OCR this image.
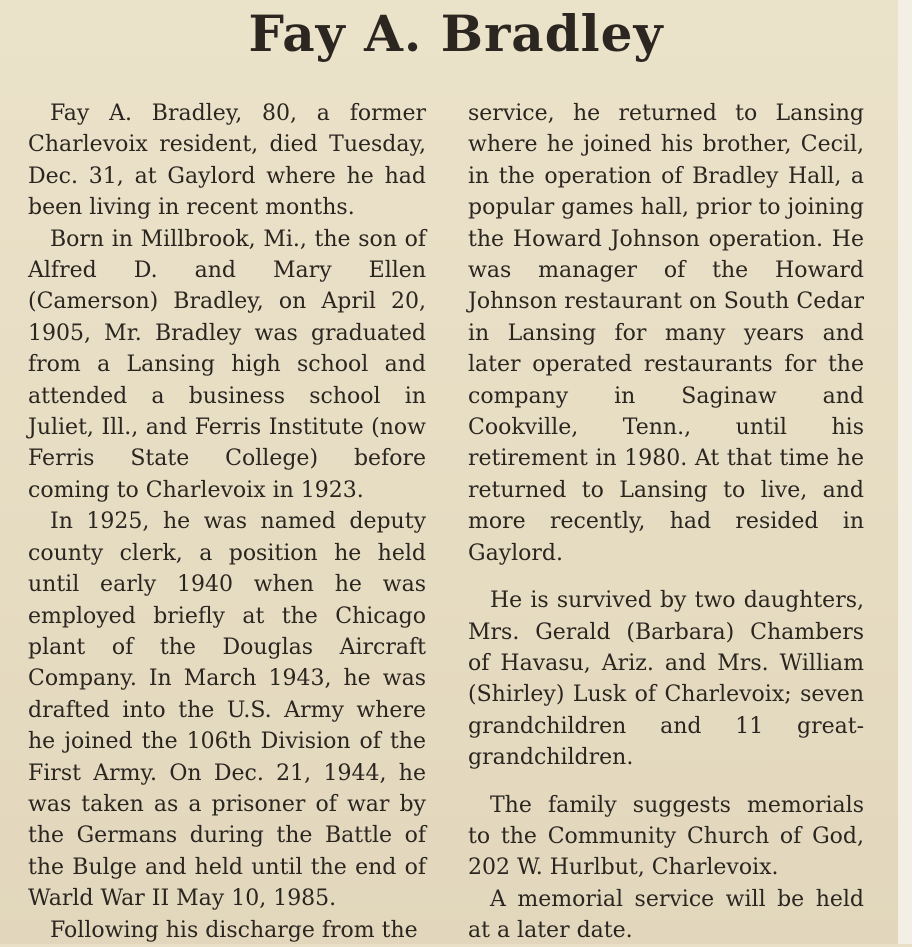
Fay A. Bradley

Fay A. Bradley, 80, a former Charlevoix resident, died Tuesday, Dec. 31, at Gaylord where he had been living in recent months.

Born in Millbrook, Mi., the son of Alfred D. and Mary Ellen (Camerson) Bradley, on April 20, 1905, Mr. Bradley was graduated from a Lansing high school and attended a business school in Juliet, Ill., and Ferris Institute (now Ferris State College) before coming to Charlevoix in 1923.

In 1925, he was named deputy county clerk, a position he held until early 1940 when he was employed briefly at the Chicago plant of the Douglas Aircraft Company. In March 1943, he was drafted into the U.S. Army where he joined the 106th Division of the First Army. On Dec. 21, 1944, he was taken as a prisoner of war by the Germans during the Battle of the Bulge and held until the end of Warld War II May 10, 1985.

Following his discharge from the

service, he returned to Lansing where he joined his brother, Cecil, in the operation of Bradley Hall, a popular games hall, prior to joining the Howard Johnson operation. He was manager of the Howard Johnson restaurant on South Cedar in Lansing for many years and later operated restaurants for the company in Saginaw and Cookville, Tenn., until his retirement in 1980. At that time he returned to Lansing to live, and more recently, had resided in Gaylord.

He is survived by two daughters, Mrs. Gerald (Barbara) Chambers of Havasu, Ariz. and Mrs. William (Shirley) Lusk of Charlevoix; seven grandchildren and 11 great-grandchildren.

The family suggests memorials to the Community Church of God, 202 W. Hurlbut, Charlevoix.

A memorial service will be held at a later date.
